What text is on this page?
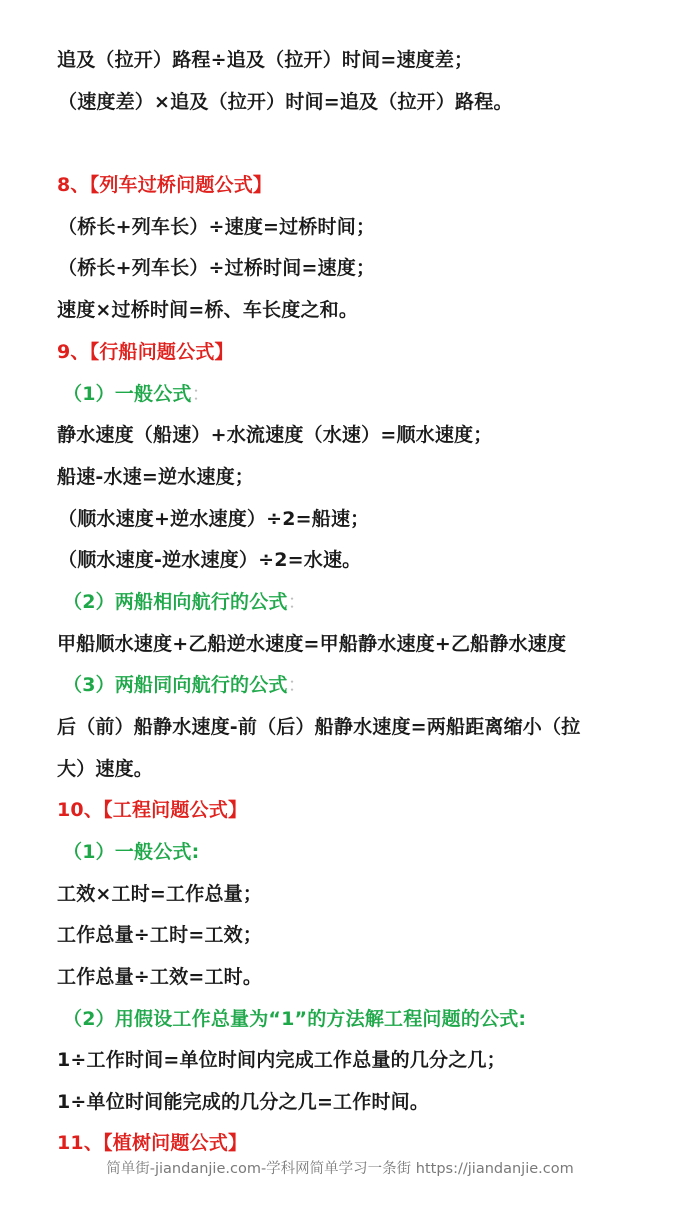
追及（拉开）路程÷追及（拉开）时间=速度差；
（速度差）×追及（拉开）时间=追及（拉开）路程。
8、【列车过桥问题公式】
（桥长+列车长）÷速度=过桥时间；
（桥长+列车长）÷过桥时间=速度；
速度×过桥时间=桥、车长度之和。
9、【行船问题公式】
（1）一般公式：
静水速度（船速）+水流速度（水速）=顺水速度；
船速-水速=逆水速度；
（顺水速度+逆水速度）÷2=船速；
（顺水速度-逆水速度）÷2=水速。
（2）两船相向航行的公式：
甲船顺水速度+乙船逆水速度=甲船静水速度+乙船静水速度
（3）两船同向航行的公式：
后（前）船静水速度-前（后）船静水速度=两船距离缩小（拉
大）速度。
10、【工程问题公式】
（1）一般公式:
工效×工时=工作总量；
工作总量÷工时=工效；
工作总量÷工效=工时。
（2）用假设工作总量为“1”的方法解工程问题的公式:
1÷工作时间=单位时间内完成工作总量的几分之几；
1÷单位时间能完成的几分之几=工作时间。
11、【植树问题公式】
简单街-jiandanjie.com-学科网简单学习一条街 https://jiandanjie.com
